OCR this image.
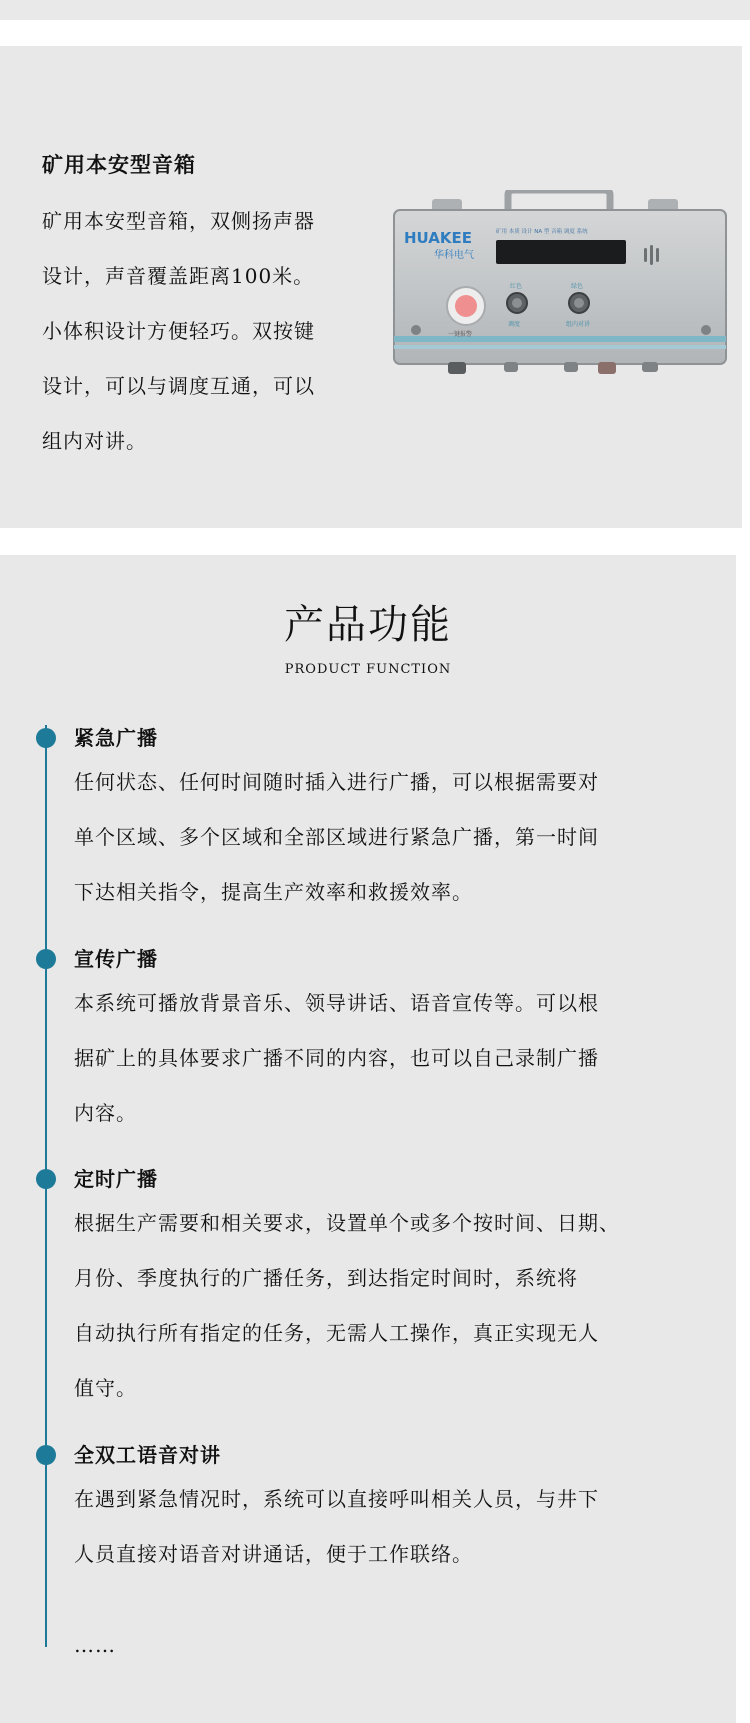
矿用本安型音箱
矿用本安型音箱，双侧扬声器
设计，声音覆盖距离100米。
小体积设计方便轻巧。双按键
设计，可以与调度互通，可以
组内对讲。
HUAKEE
华科电气
矿用 本质 设计 NA 型 音箱 调度 系统
红色	绿色
一键报警
调度	组内对讲
产品功能
PRODUCT FUNCTION
紧急广播
任何状态、任何时间随时插入进行广播，可以根据需要对
单个区域、多个区域和全部区域进行紧急广播，第一时间
下达相关指令，提高生产效率和救援效率。
宣传广播
本系统可播放背景音乐、领导讲话、语音宣传等。可以根
据矿上的具体要求广播不同的内容，也可以自己录制广播
内容。
定时广播
根据生产需要和相关要求，设置单个或多个按时间、日期、
月份、季度执行的广播任务，到达指定时间时，系统将
自动执行所有指定的任务，无需人工操作，真正实现无人
值守。
全双工语音对讲
在遇到紧急情况时，系统可以直接呼叫相关人员，与井下
人员直接对语音对讲通话，便于工作联络。
……
